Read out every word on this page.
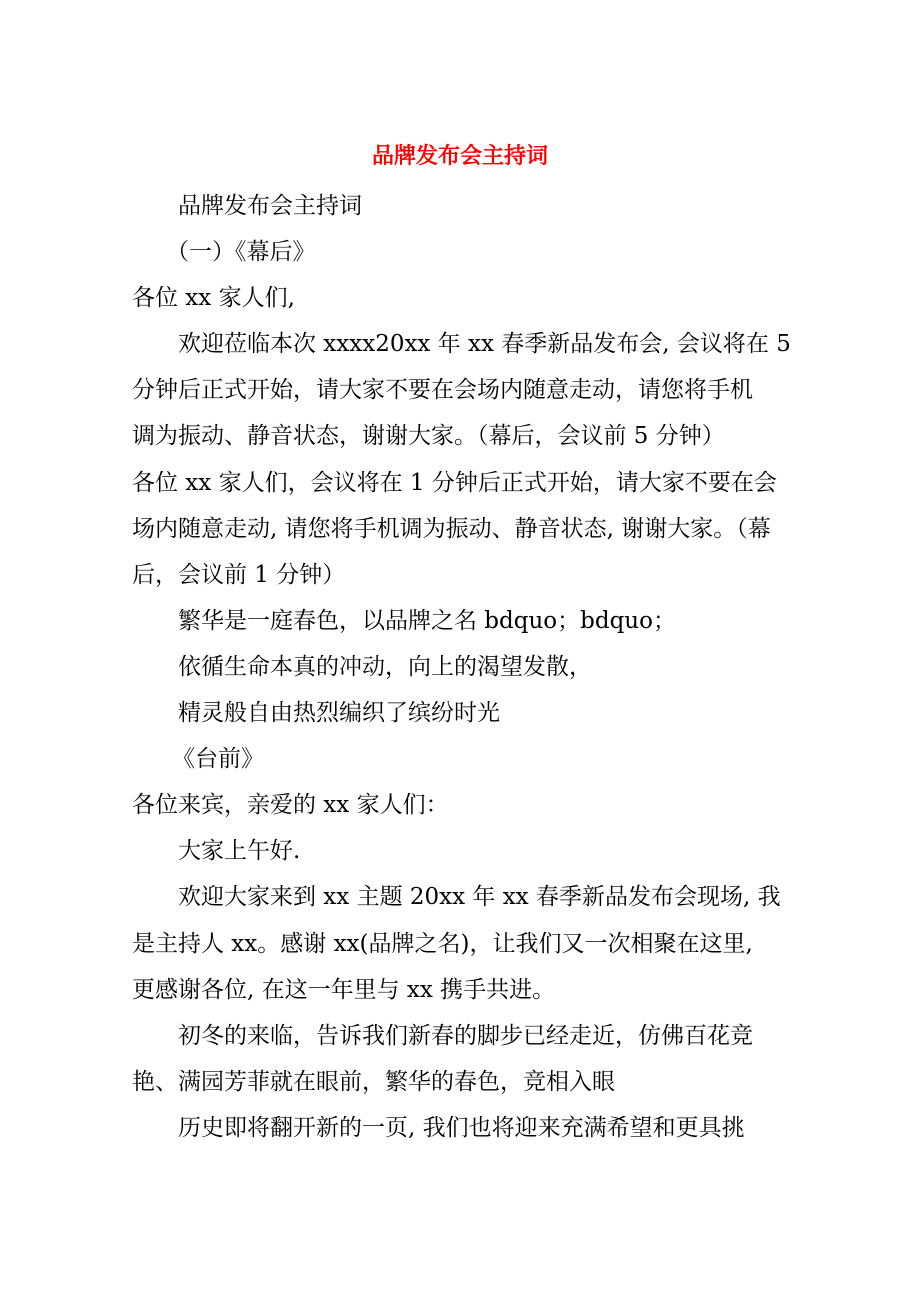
品牌发布会主持词

品牌发布会主持词

（一）《幕后》

各位 xx 家人们,

欢迎莅临本次 xxxx20xx 年 xx 春季新品发布会, 会议将在 5

分钟后正式开始，请大家不要在会场内随意走动，请您将手机

调为振动、静音状态，谢谢大家。（幕后，会议前 5 分钟）

各位 xx 家人们，会议将在 1 分钟后正式开始，请大家不要在会

场内随意走动, 请您将手机调为振动、静音状态, 谢谢大家。（幕

后，会议前 1 分钟）

繁华是一庭春色，以品牌之名 bdquo；bdquo；

依循生命本真的冲动，向上的渴望发散，

精灵般自由热烈编织了缤纷时光

《台前》

各位来宾，亲爱的 xx 家人们：

大家上午好.

欢迎大家来到 xx 主题 20xx 年 xx 春季新品发布会现场, 我

是主持人 xx。感谢 xx(品牌之名)，让我们又一次相聚在这里,

更感谢各位, 在这一年里与 xx 携手共进。

初冬的来临，告诉我们新春的脚步已经走近，仿佛百花竞

艳、满园芳菲就在眼前，繁华的春色，竞相入眼

历史即将翻开新的一页, 我们也将迎来充满希望和更具挑
